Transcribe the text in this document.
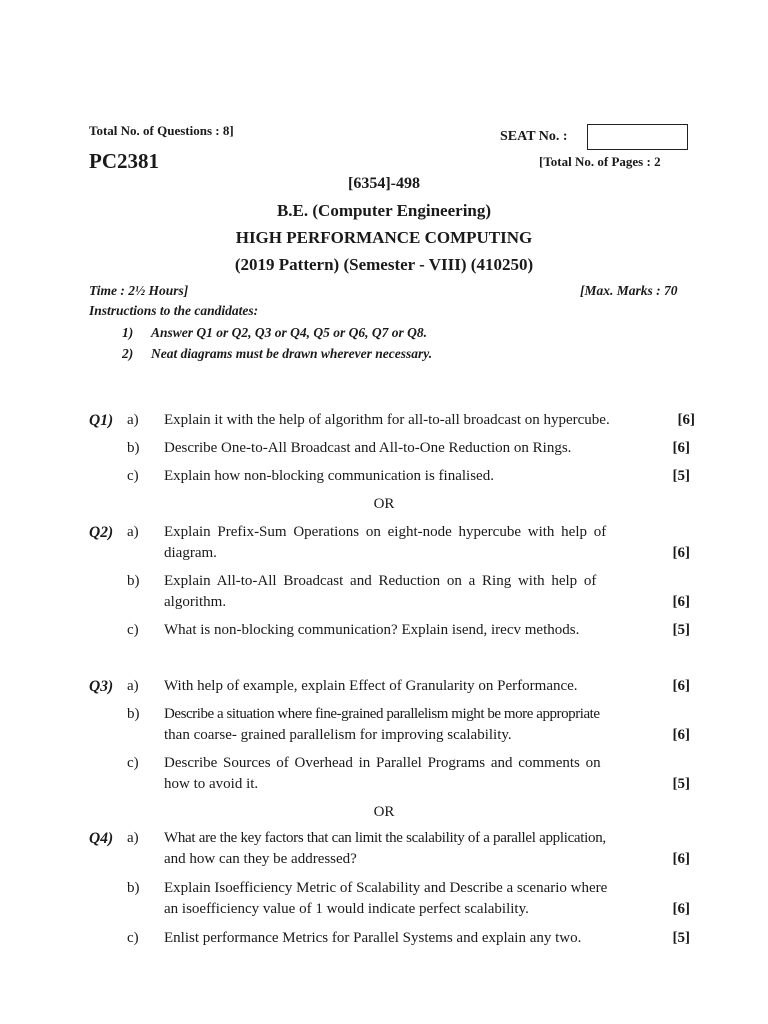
Total No. of Questions : 8]	SEAT No. :
PC2381	[Total No. of Pages : 2
[6354]-498
B.E. (Computer Engineering)
HIGH PERFORMANCE COMPUTING
(2019 Pattern) (Semester - VIII) (410250)
Time : 2½ Hours]	[Max. Marks : 70
Instructions to the candidates:
1) Answer Q1 or Q2, Q3 or Q4, Q5 or Q6, Q7 or Q8.
2) Neat diagrams must be drawn wherever necessary.
Q1) a) Explain it with the help of algorithm for all-to-all broadcast on hypercube.	[6]
b) Describe One-to-All Broadcast and All-to-One Reduction on Rings.	[6]
c) Explain how non-blocking communication is finalised.	[5]
OR
Q2) a) Explain Prefix-Sum Operations on eight-node hypercube with help of
diagram.	[6]
b) Explain All-to-All Broadcast and Reduction on a Ring with help of
algorithm.	[6]
c) What is non-blocking communication? Explain isend, irecv methods.	[5]
Q3) a) With help of example, explain Effect of Granularity on Performance.	[6]
b) Describe a situation where fine-grained parallelism might be more appropriate
than coarse- grained parallelism for improving scalability.	[6]
c) Describe Sources of Overhead in Parallel Programs and comments on
how to avoid it.	[5]
OR
Q4) a) What are the key factors that can limit the scalability of a parallel application,
and how can they be addressed?	[6]
b) Explain Isoefficiency Metric of Scalability and Describe a scenario where
an isoefficiency value of 1 would indicate perfect scalability.	[6]
c) Enlist performance Metrics for Parallel Systems and explain any two.	[5]
